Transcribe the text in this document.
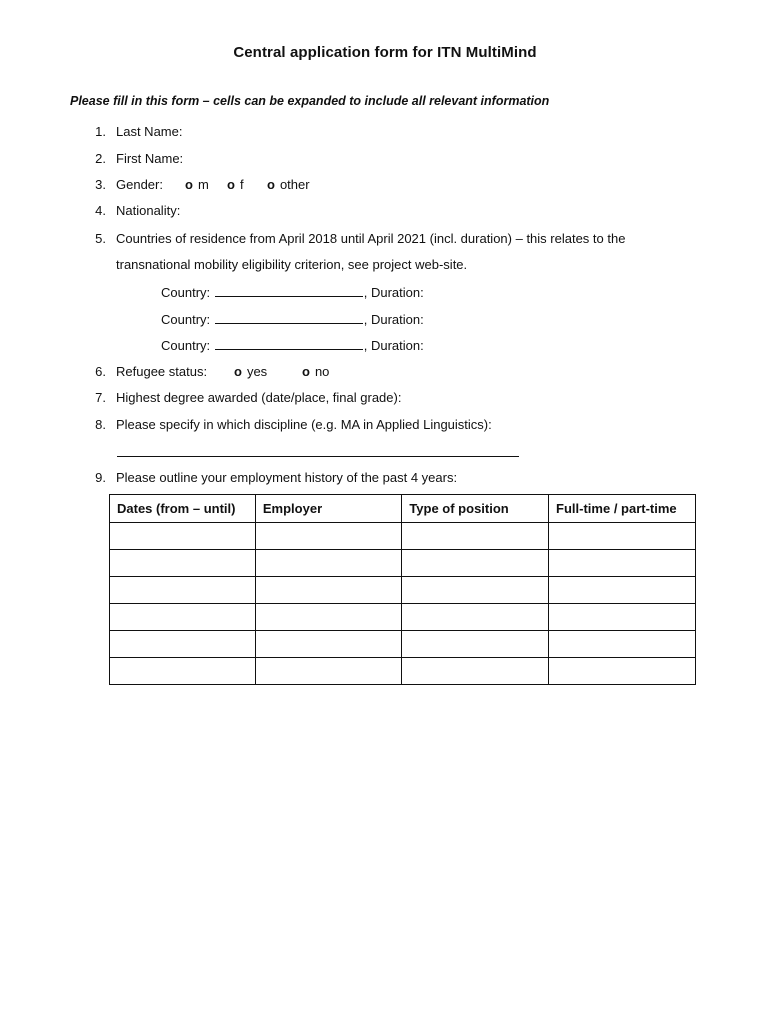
Central application form for ITN MultiMind
Please fill in this form – cells can be expanded to include all relevant information
1. Last Name:
2. First Name:
3. Gender: o m o f o other
4. Nationality:
5. Countries of residence from April 2018 until April 2021 (incl. duration) – this relates to the
transnational mobility eligibility criterion, see project web-site.
Country:	, Duration:
Country:	, Duration:
Country:	, Duration:
6. Refugee status: o yes	o no
7. Highest degree awarded (date/place, final grade):
8. Please specify in which discipline (e.g. MA in Applied Linguistics):
9. Please outline your employment history of the past 4 years:
Dates (from – until)	Employer	Type of position	Full-time / part-time
